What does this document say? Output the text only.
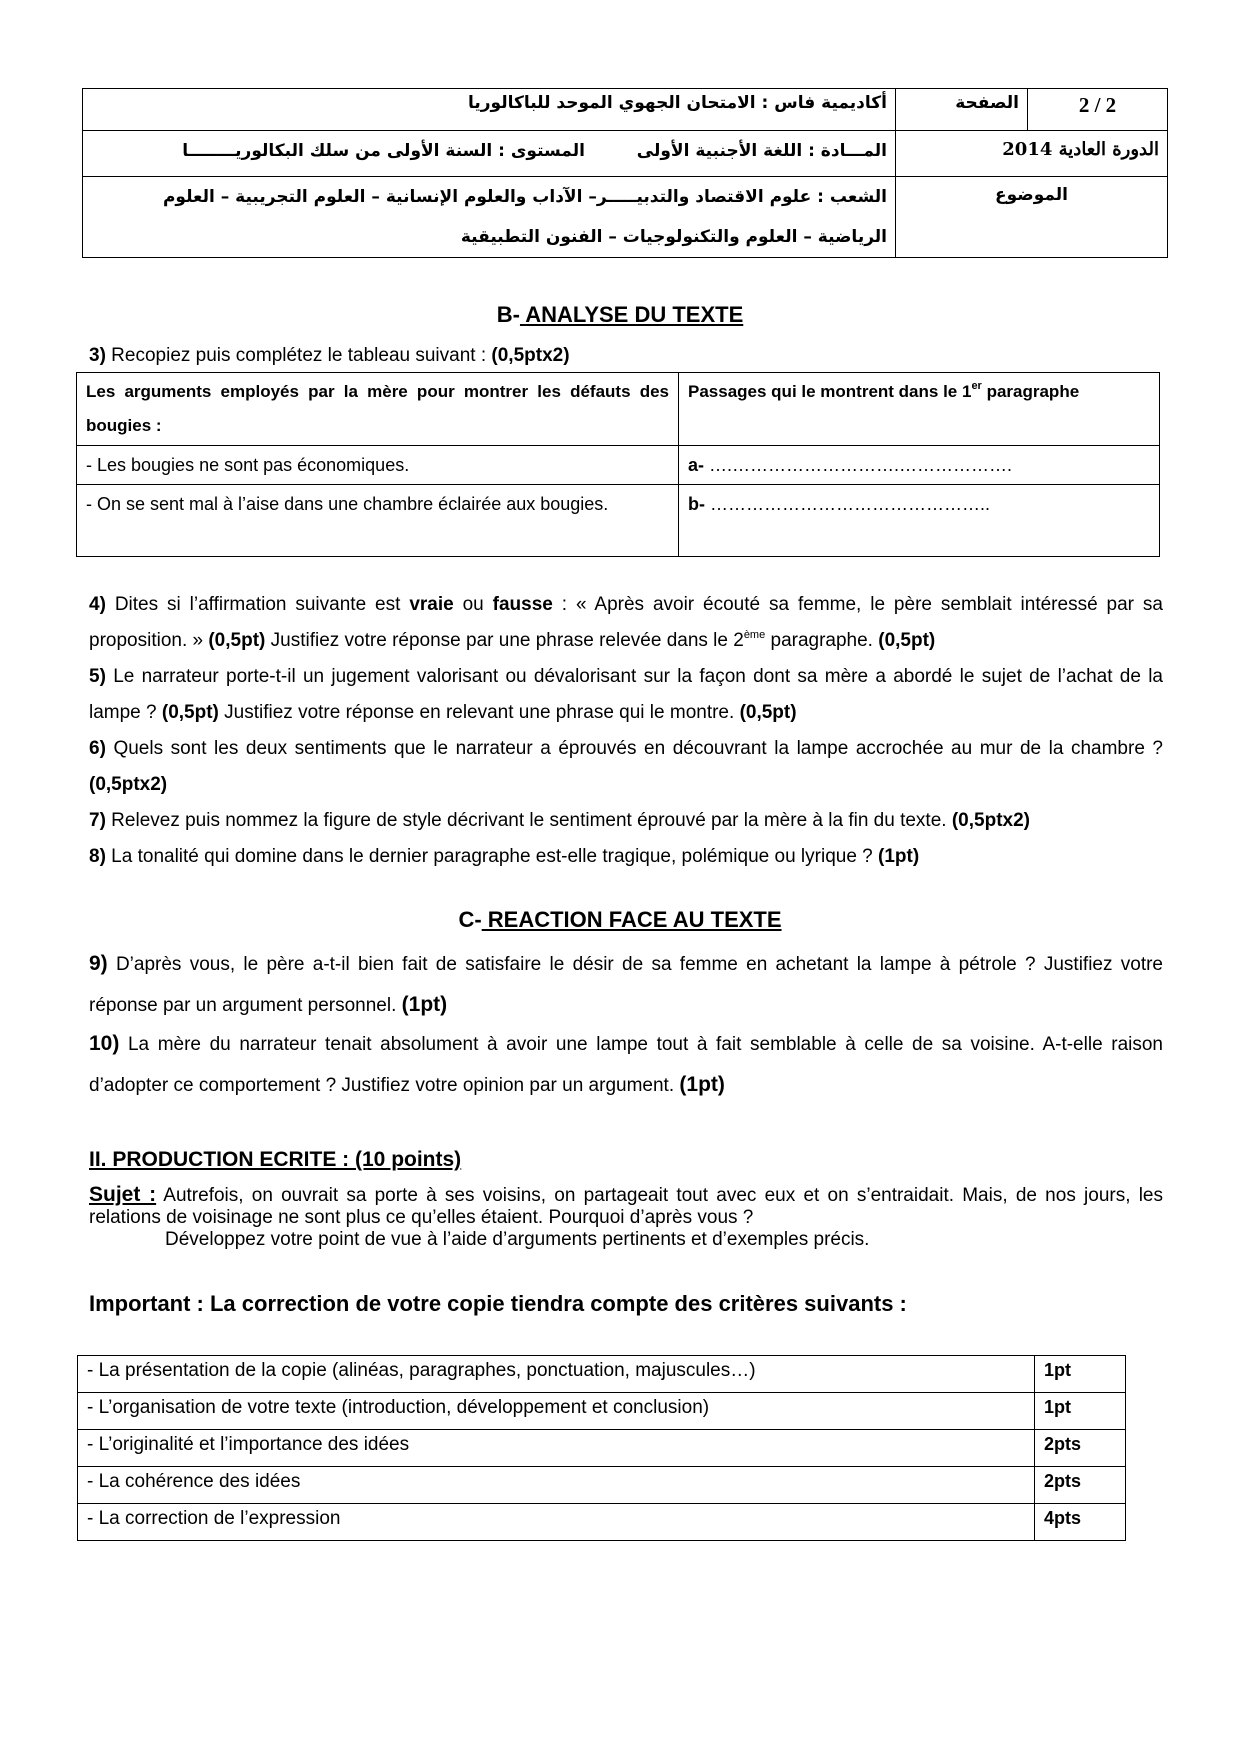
أكاديمية فاس : الامتحان الجهوي الموحد للباكالوريا	الصفحة	2 / 2
المـــادة : اللغة الأجنبية الأولى  المستوى : السنة الأولى من سلك البكالوريــــــــا	الدورة العادية 2014	

الشعب : علوم الاقتصاد والتدبيـــــر– الآداب والعلوم الإنسانية – العلوم التجريبية – العلوم
الرياضية – العلوم والتكنولوجيات – الفنون التطبيقية	الموضوع	
B- ANALYSE DU TEXTE
3) Recopiez puis complétez le tableau suivant : (0,5ptx2)
Les arguments employés par la mère pour montrer les défauts des bougies :	Passages qui le montrent dans le 1er paragraphe
- Les bougies ne sont pas économiques.	a- ….……………………….……………….
- On se sent mal à l’aise dans une chambre éclairée aux bougies.	b- ………………………………………..
4) Dites si l’affirmation suivante est vraie ou fausse : « Après avoir écouté sa femme, le père semblait intéressé par sa proposition. » (0,5pt) Justifiez votre réponse par une phrase relevée dans le 2ème paragraphe. (0,5pt)
5) Le narrateur porte-t-il un jugement valorisant ou dévalorisant sur la façon dont sa mère a abordé le sujet de l’achat de la lampe ? (0,5pt) Justifiez votre réponse en relevant une phrase qui le montre. (0,5pt)
6) Quels sont les deux sentiments que le narrateur a éprouvés en découvrant la lampe accrochée au mur de la chambre ? (0,5ptx2)
7) Relevez puis nommez la figure de style décrivant le sentiment éprouvé par la mère à la fin du texte. (0,5ptx2)
8) La tonalité qui domine dans le dernier paragraphe est-elle tragique, polémique ou lyrique ? (1pt)
C- REACTION FACE AU TEXTE
9) D’après vous, le père a-t-il bien fait de satisfaire le désir de sa femme en achetant la lampe à pétrole ? Justifiez votre réponse par un argument personnel. (1pt)
10) La mère du narrateur tenait absolument à avoir une lampe tout à fait semblable à celle de sa voisine. A-t-elle raison d’adopter ce comportement ? Justifiez votre opinion par un argument. (1pt)
II. PRODUCTION ECRITE : (10 points)
Sujet : Autrefois, on ouvrait sa porte à ses voisins, on partageait tout avec eux et on s’entraidait. Mais, de nos jours, les relations de voisinage ne sont plus ce qu’elles étaient. Pourquoi d’après vous ?
Développez votre point de vue à l’aide d’arguments pertinents et d’exemples précis.
Important : La correction de votre copie tiendra compte des critères suivants :
- La présentation de la copie (alinéas, paragraphes, ponctuation, majuscules…)	1pt
- L’organisation de votre texte (introduction, développement et conclusion)	1pt
- L’originalité et l’importance des idées	2pts
- La cohérence des idées	2pts
- La correction de l’expression	4pts
